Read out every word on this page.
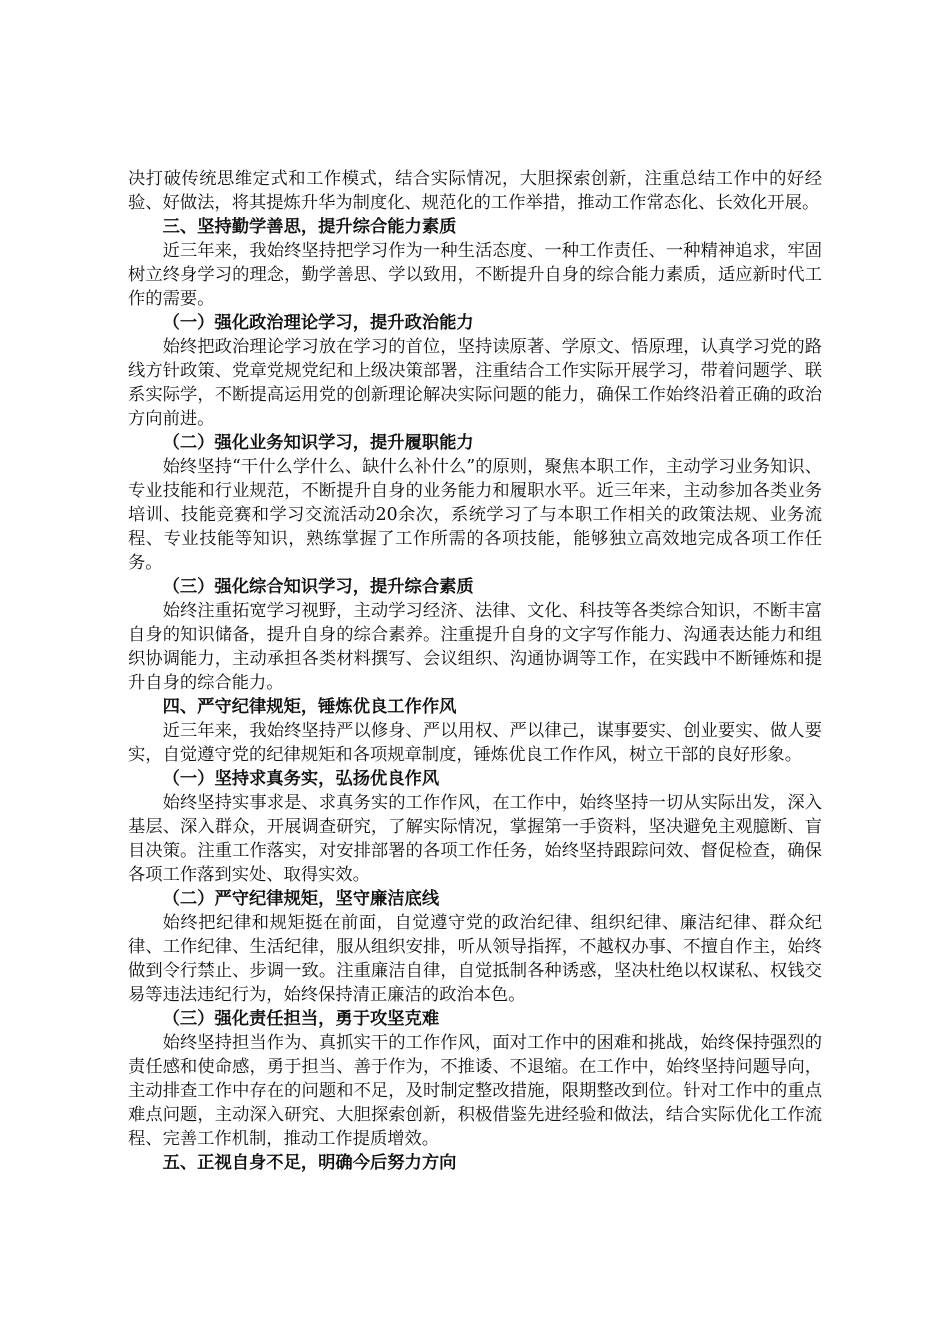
决打破传统思维定式和工作模式，结合实际情况，大胆探索创新，注重总结工作中的好经验、好做法，将其提炼升华为制度化、规范化的工作举措，推动工作常态化、长效化开展。

三、坚持勤学善思，提升综合能力素质

近三年来，我始终坚持把学习作为一种生活态度、一种工作责任、一种精神追求，牢固树立终身学习的理念，勤学善思、学以致用，不断提升自身的综合能力素质，适应新时代工作的需要。

（一）强化政治理论学习，提升政治能力

始终把政治理论学习放在学习的首位，坚持读原著、学原文、悟原理，认真学习党的路线方针政策、党章党规党纪和上级决策部署，注重结合工作实际开展学习，带着问题学、联系实际学，不断提高运用党的创新理论解决实际问题的能力，确保工作始终沿着正确的政治方向前进。

（二）强化业务知识学习，提升履职能力

始终坚持“干什么学什么、缺什么补什么”的原则，聚焦本职工作，主动学习业务知识、专业技能和行业规范，不断提升自身的业务能力和履职水平。近三年来，主动参加各类业务培训、技能竞赛和学习交流活动20余次，系统学习了与本职工作相关的政策法规、业务流程、专业技能等知识，熟练掌握了工作所需的各项技能，能够独立高效地完成各项工作任务。

（三）强化综合知识学习，提升综合素质

始终注重拓宽学习视野，主动学习经济、法律、文化、科技等各类综合知识，不断丰富自身的知识储备，提升自身的综合素养。注重提升自身的文字写作能力、沟通表达能力和组织协调能力，主动承担各类材料撰写、会议组织、沟通协调等工作，在实践中不断锤炼和提升自身的综合能力。

四、严守纪律规矩，锤炼优良工作作风

近三年来，我始终坚持严以修身、严以用权、严以律己，谋事要实、创业要实、做人要实，自觉遵守党的纪律规矩和各项规章制度，锤炼优良工作作风，树立干部的良好形象。

（一）坚持求真务实，弘扬优良作风

始终坚持实事求是、求真务实的工作作风，在工作中，始终坚持一切从实际出发，深入基层、深入群众，开展调查研究，了解实际情况，掌握第一手资料，坚决避免主观臆断、盲目决策。注重工作落实，对安排部署的各项工作任务，始终坚持跟踪问效、督促检查，确保各项工作落到实处、取得实效。

（二）严守纪律规矩，坚守廉洁底线

始终把纪律和规矩挺在前面，自觉遵守党的政治纪律、组织纪律、廉洁纪律、群众纪律、工作纪律、生活纪律，服从组织安排，听从领导指挥，不越权办事、不擅自作主，始终做到令行禁止、步调一致。注重廉洁自律，自觉抵制各种诱惑，坚决杜绝以权谋私、权钱交易等违法违纪行为，始终保持清正廉洁的政治本色。

（三）强化责任担当，勇于攻坚克难

始终坚持担当作为、真抓实干的工作作风，面对工作中的困难和挑战，始终保持强烈的责任感和使命感，勇于担当、善于作为，不推诿、不退缩。在工作中，始终坚持问题导向，主动排查工作中存在的问题和不足，及时制定整改措施，限期整改到位。针对工作中的重点难点问题，主动深入研究、大胆探索创新，积极借鉴先进经验和做法，结合实际优化工作流程、完善工作机制，推动工作提质增效。

五、正视自身不足，明确今后努力方向
